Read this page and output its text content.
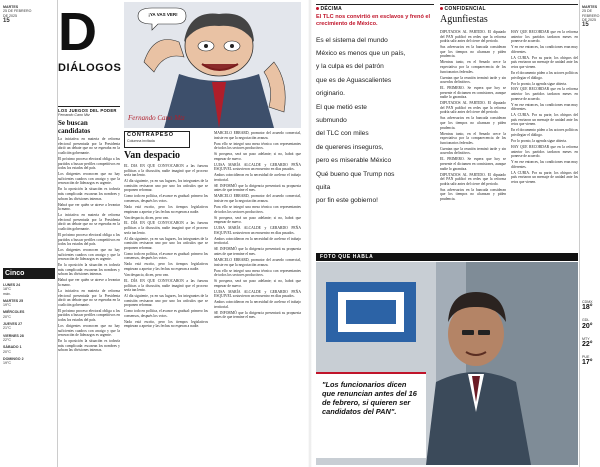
MARTES
25 DE FEBRERO
DE 2025
15
Cinco
LUNES 24
18°C
máx.
MARTES 25
19°C
MIÉRCOLES
20°C
JUEVES 27
21°C
VIERNES 28
22°C
SÁBADO 1
20°C
DOMINGO 2
19°C
D
DIÁLOGOS
¡YA VAS VER!
Fernando Cano Mtz
LOS JUEGOS DEL PODER
Fernando Cano Mtz
Se buscan candidatos

La iniciativa en materia de reforma electoral presentada por la Presidenta abrió un debate que no se esperaba en la coalición gobernante.

El próximo proceso electoral obliga a los partidos a buscar perfiles competitivos en todos los estados del país.

Los dirigentes reconocen que no hay suficientes cuadros con arraigo y que la renovación de liderazgos es urgente.

En la oposición la situación es todavía más complicada: escasean los nombres y sobran las divisiones internas.

Habrá que ver quién se atreve a levantar la mano.

La iniciativa en materia de reforma electoral presentada por la Presidenta abrió un debate que no se esperaba en la coalición gobernante.

El próximo proceso electoral obliga a los partidos a buscar perfiles competitivos en todos los estados del país.

Los dirigentes reconocen que no hay suficientes cuadros con arraigo y que la renovación de liderazgos es urgente.

En la oposición la situación es todavía más complicada: escasean los nombres y sobran las divisiones internas.

Habrá que ver quién se atreve a levantar la mano.

La iniciativa en materia de reforma electoral presentada por la Presidenta abrió un debate que no se esperaba en la coalición gobernante.

El próximo proceso electoral obliga a los partidos a buscar perfiles competitivos en todos los estados del país.

Los dirigentes reconocen que no hay suficientes cuadros con arraigo y que la renovación de liderazgos es urgente.

En la oposición la situación es todavía más complicada: escasean los nombres y sobran las divisiones internas.

CONTRAPESO
Columna invitada
Van despacio

EL DÍA EN QUE CONVOCARON a las fuerzas políticas a la discusión, nadie imaginó que el proceso sería tan lento.

Al día siguiente, ya en sus lugares, los integrantes de la comisión revisaron uno por uno los artículos que se proponen reformar.

Como todo en política, el avance es gradual: primero los consensos, después los votos.

Nada está escrito, pero los tiempos legislativos empiezan a apretar y las fechas no esperan a nadie.

Van despacio, dicen, pero van.

EL DÍA EN QUE CONVOCARON a las fuerzas políticas a la discusión, nadie imaginó que el proceso sería tan lento.

Al día siguiente, ya en sus lugares, los integrantes de la comisión revisaron uno por uno los artículos que se proponen reformar.

Como todo en política, el avance es gradual: primero los consensos, después los votos.

Nada está escrito, pero los tiempos legislativos empiezan a apretar y las fechas no esperan a nadie.

Van despacio, dicen, pero van.

EL DÍA EN QUE CONVOCARON a las fuerzas políticas a la discusión, nadie imaginó que el proceso sería tan lento.

Al día siguiente, ya en sus lugares, los integrantes de la comisión revisaron uno por uno los artículos que se proponen reformar.

Como todo en política, el avance es gradual: primero los consensos, después los votos.

Nada está escrito, pero los tiempos legislativos empiezan a apretar y las fechas no esperan a nadie.

MARCELO EBRARD, promotor del acuerdo comercial, insiste en que la negociación avanza.

Para ello se integró una mesa técnica con representantes de todos los sectores productivos.

Si prospera, será un paso adelante; si no, habrá que empezar de nuevo.

LUISA MARÍA ALCALDE y GERARDO PEÑA ESQUIVEL sostuvieron un encuentro en días pasados.

Ambos coincidieron en la necesidad de acelerar el trabajo territorial.

SE INFORMÓ que la dirigencia presentará su propuesta antes de que termine el mes.

MARCELO EBRARD, promotor del acuerdo comercial, insiste en que la negociación avanza.

Para ello se integró una mesa técnica con representantes de todos los sectores productivos.

Si prospera, será un paso adelante; si no, habrá que empezar de nuevo.

LUISA MARÍA ALCALDE y GERARDO PEÑA ESQUIVEL sostuvieron un encuentro en días pasados.

Ambos coincidieron en la necesidad de acelerar el trabajo territorial.

SE INFORMÓ que la dirigencia presentará su propuesta antes de que termine el mes.

MARCELO EBRARD, promotor del acuerdo comercial, insiste en que la negociación avanza.

Para ello se integró una mesa técnica con representantes de todos los sectores productivos.

Si prospera, será un paso adelante; si no, habrá que empezar de nuevo.

LUISA MARÍA ALCALDE y GERARDO PEÑA ESQUIVEL sostuvieron un encuentro en días pasados.

Ambos coincidieron en la necesidad de acelerar el trabajo territorial.

SE INFORMÓ que la dirigencia presentará su propuesta antes de que termine el mes.

DÉCIMA
El TLC nos convirtió en esclavos y frenó el crecimiento de México.
Es el sistema del mundo
México es menos que un país,
y la culpa es del patrón
que es de Aguascalientes
originario.
El que metió este
submundo
del TLC con miles
de quereres inseguros,
pero es miserable México
Qué bueno que Trump nos
quita
por fin este gobierno!
CONFIDENCIAL
Agunfiestas

DIPUTADOS AL PARTIDO. El diputado del PAN publicó en redes que la reforma podría salir antes del cierre del periodo.

Sus adversarios en la bancada consideran que los tiempos no alcanzan y piden prudencia.

Mientras tanto, en el Senado crece la expectativa por la comparecencia de los funcionarios federales.

Cuentan que la reunión terminó tarde y sin acuerdos definitivos.

EL PRIMERO. Se espera que hoy se presente el dictamen en comisiones, aunque nadie lo garantiza.

DIPUTADOS AL PARTIDO. El diputado del PAN publicó en redes que la reforma podría salir antes del cierre del periodo.

Sus adversarios en la bancada consideran que los tiempos no alcanzan y piden prudencia.

Mientras tanto, en el Senado crece la expectativa por la comparecencia de los funcionarios federales.

Cuentan que la reunión terminó tarde y sin acuerdos definitivos.

EL PRIMERO. Se espera que hoy se presente el dictamen en comisiones, aunque nadie lo garantiza.

DIPUTADOS AL PARTIDO. El diputado del PAN publicó en redes que la reforma podría salir antes del cierre del periodo.

Sus adversarios en la bancada consideran que los tiempos no alcanzan y piden prudencia.

HAY QUE RECORDAR que en la reforma anterior los partidos tardaron meses en ponerse de acuerdo.

Y en ese entonces, las condiciones eran muy diferentes.

LA CURIA. Por su parte, los obispos del país enviaron un mensaje de unidad ante los retos que vienen.

En el documento piden a los actores políticos privilegiar el diálogo.

Por lo pronto, la agenda sigue abierta.

HAY QUE RECORDAR que en la reforma anterior los partidos tardaron meses en ponerse de acuerdo.

Y en ese entonces, las condiciones eran muy diferentes.

LA CURIA. Por su parte, los obispos del país enviaron un mensaje de unidad ante los retos que vienen.

En el documento piden a los actores políticos privilegiar el diálogo.

Por lo pronto, la agenda sigue abierta.

HAY QUE RECORDAR que en la reforma anterior los partidos tardaron meses en ponerse de acuerdo.

Y en ese entonces, las condiciones eran muy diferentes.

LA CURIA. Por su parte, los obispos del país enviaron un mensaje de unidad ante los retos que vienen.

FOTO QUE HABLA
"Los funcionarios dicen que renuncian antes del 16 de febrero, si quieren ser candidatos del PAN".
MARTES
25 DE FEBRERO
DE 2025
15
CDMX
18°
GDL
20°
MTY
22°
PUE
17°
